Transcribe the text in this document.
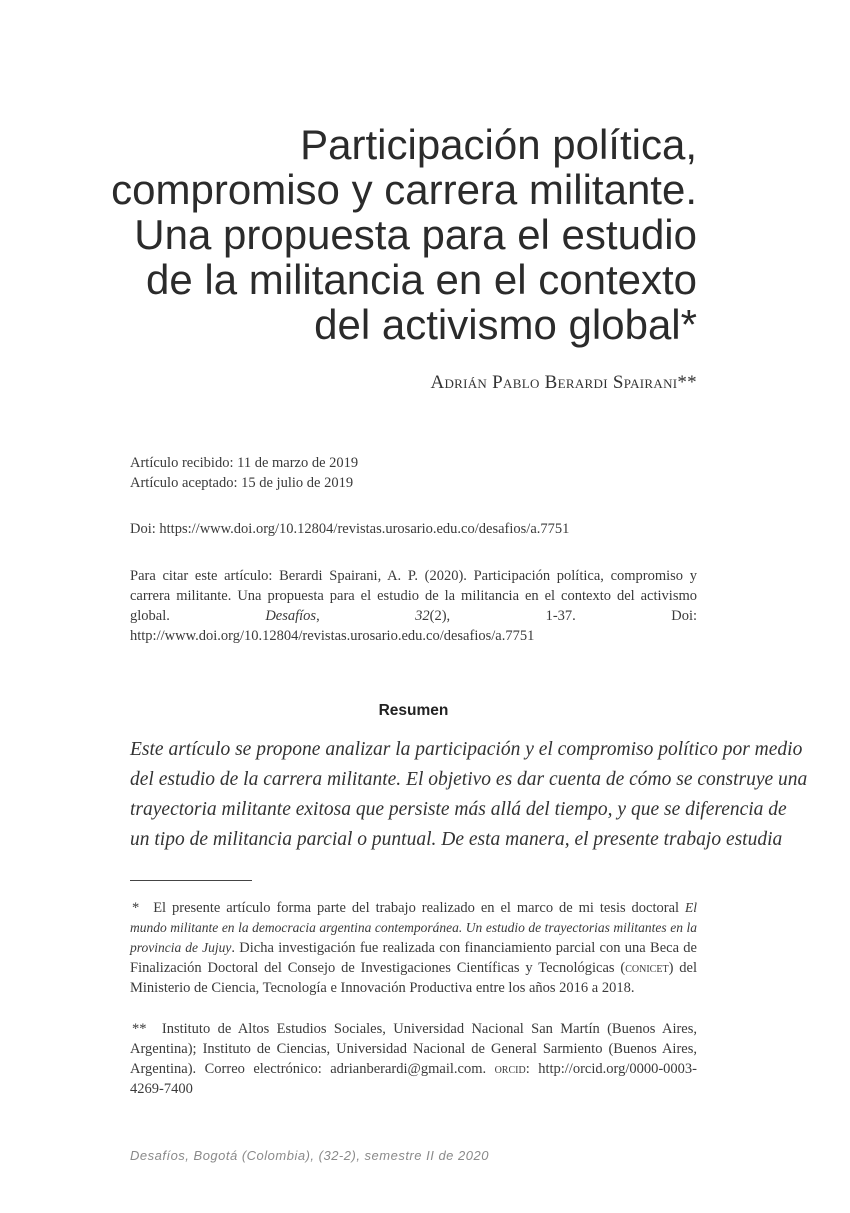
Participación política,
compromiso y carrera militante.
Una propuesta para el estudio
de la militancia en el contexto
del activismo global*
Adrián Pablo Berardi Spairani**
Artículo recibido: 11 de marzo de 2019
Artículo aceptado: 15 de julio de 2019
Doi: https://www.doi.org/10.12804/revistas.urosario.edu.co/desafios/a.7751
Para citar este artículo: Berardi Spairani, A. P. (2020). Participación política, compromiso y carrera militante. Una propuesta para el estudio de la militancia en el contexto del activismo global. Desafíos, 32(2), 1-37. Doi: http://www.doi.org/10.12804/revistas.urosario.edu.co/desafios/a.7751
Resumen
Este artículo se propone analizar la participación y el compromiso político por medio
del estudio de la carrera militante. El objetivo es dar cuenta de cómo se construye una
trayectoria militante exitosa que persiste más allá del tiempo, y que se diferencia de
un tipo de militancia parcial o puntual. De esta manera, el presente trabajo estudia
* El presente artículo forma parte del trabajo realizado en el marco de mi tesis doctoral El mundo militante en la democracia argentina contemporánea. Un estudio de trayectorias militantes en la provincia de Jujuy. Dicha investigación fue realizada con financiamiento parcial con una Beca de Finalización Doctoral del Consejo de Investigaciones Científicas y Tecnológicas (conicet) del Ministerio de Ciencia, Tecnología e Innovación Productiva entre los años 2016 a 2018.
** Instituto de Altos Estudios Sociales, Universidad Nacional San Martín (Buenos Aires, Argentina); Instituto de Ciencias, Universidad Nacional de General Sarmiento (Buenos Aires, Argentina). Correo electrónico: adrianberardi@gmail.com. orcid: http://orcid.org/0000-0003-4269-7400
Desafíos, Bogotá (Colombia), (32-2), semestre II de 2020
